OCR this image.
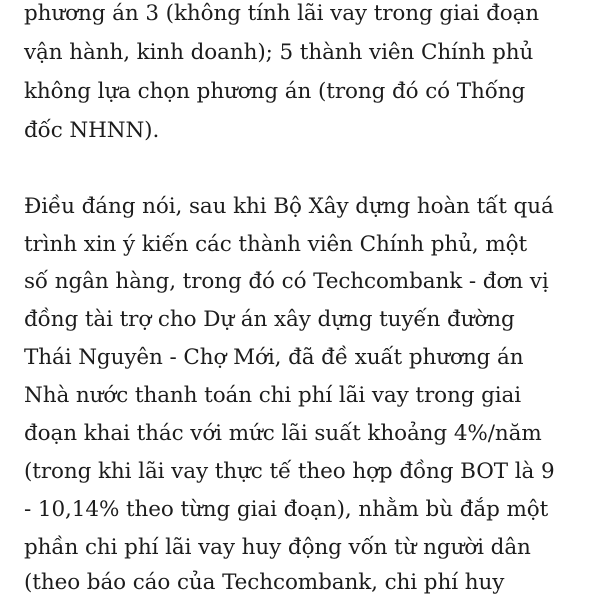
phương án 3 (không tính lãi vay trong giai đoạn
vận hành, kinh doanh); 5 thành viên Chính phủ
không lựa chọn phương án (trong đó có Thống
đốc NHNN).
Điều đáng nói, sau khi Bộ Xây dựng hoàn tất quá
trình xin ý kiến các thành viên Chính phủ, một
số ngân hàng, trong đó có Techcombank - đơn vị
đồng tài trợ cho Dự án xây dựng tuyến đường
Thái Nguyên - Chợ Mới, đã đề xuất phương án
Nhà nước thanh toán chi phí lãi vay trong giai
đoạn khai thác với mức lãi suất khoảng 4%/năm
(trong khi lãi vay thực tế theo hợp đồng BOT là 9
- 10,14% theo từng giai đoạn), nhằm bù đắp một
phần chi phí lãi vay huy động vốn từ người dân
(theo báo cáo của Techcombank, chi phí huy
